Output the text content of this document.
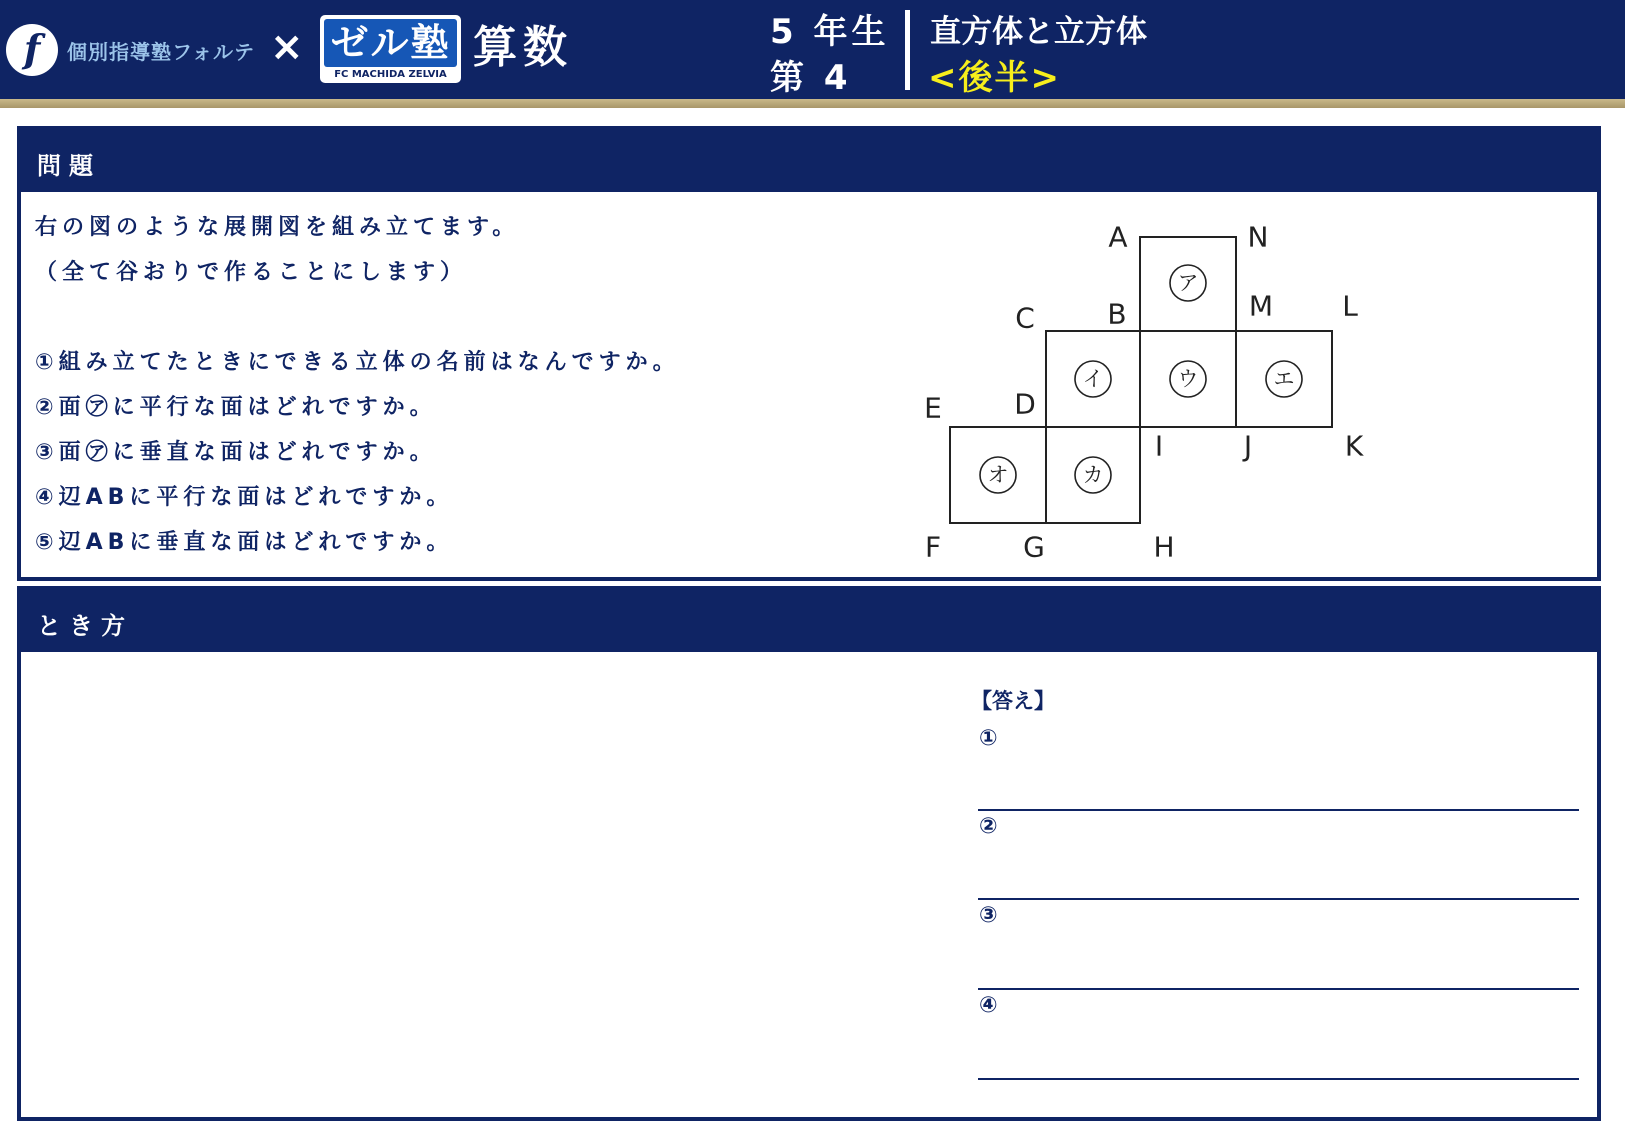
f	個別指導塾フォルテ × ゼル塾
FC MACHIDA ZELVIA
算数	5 年生
第 4
直方体と立方体
<後半>
問題
右の図のような展開図を組み立てます。
（全て谷おりで作ることにします）
①組み立てたときにできる立体の名前はなんですか。
②面㋐に平行な面はどれですか。
③面㋐に垂直な面はどれですか。
④辺ABに平行な面はどれですか。
⑤辺ABに垂直な面はどれですか。
ア
イ	ウ	エ
オ	カ
A	N
C	B	M L
E	D
I	J	K
F	G	H
とき方
【答え】
①
②
③
④
